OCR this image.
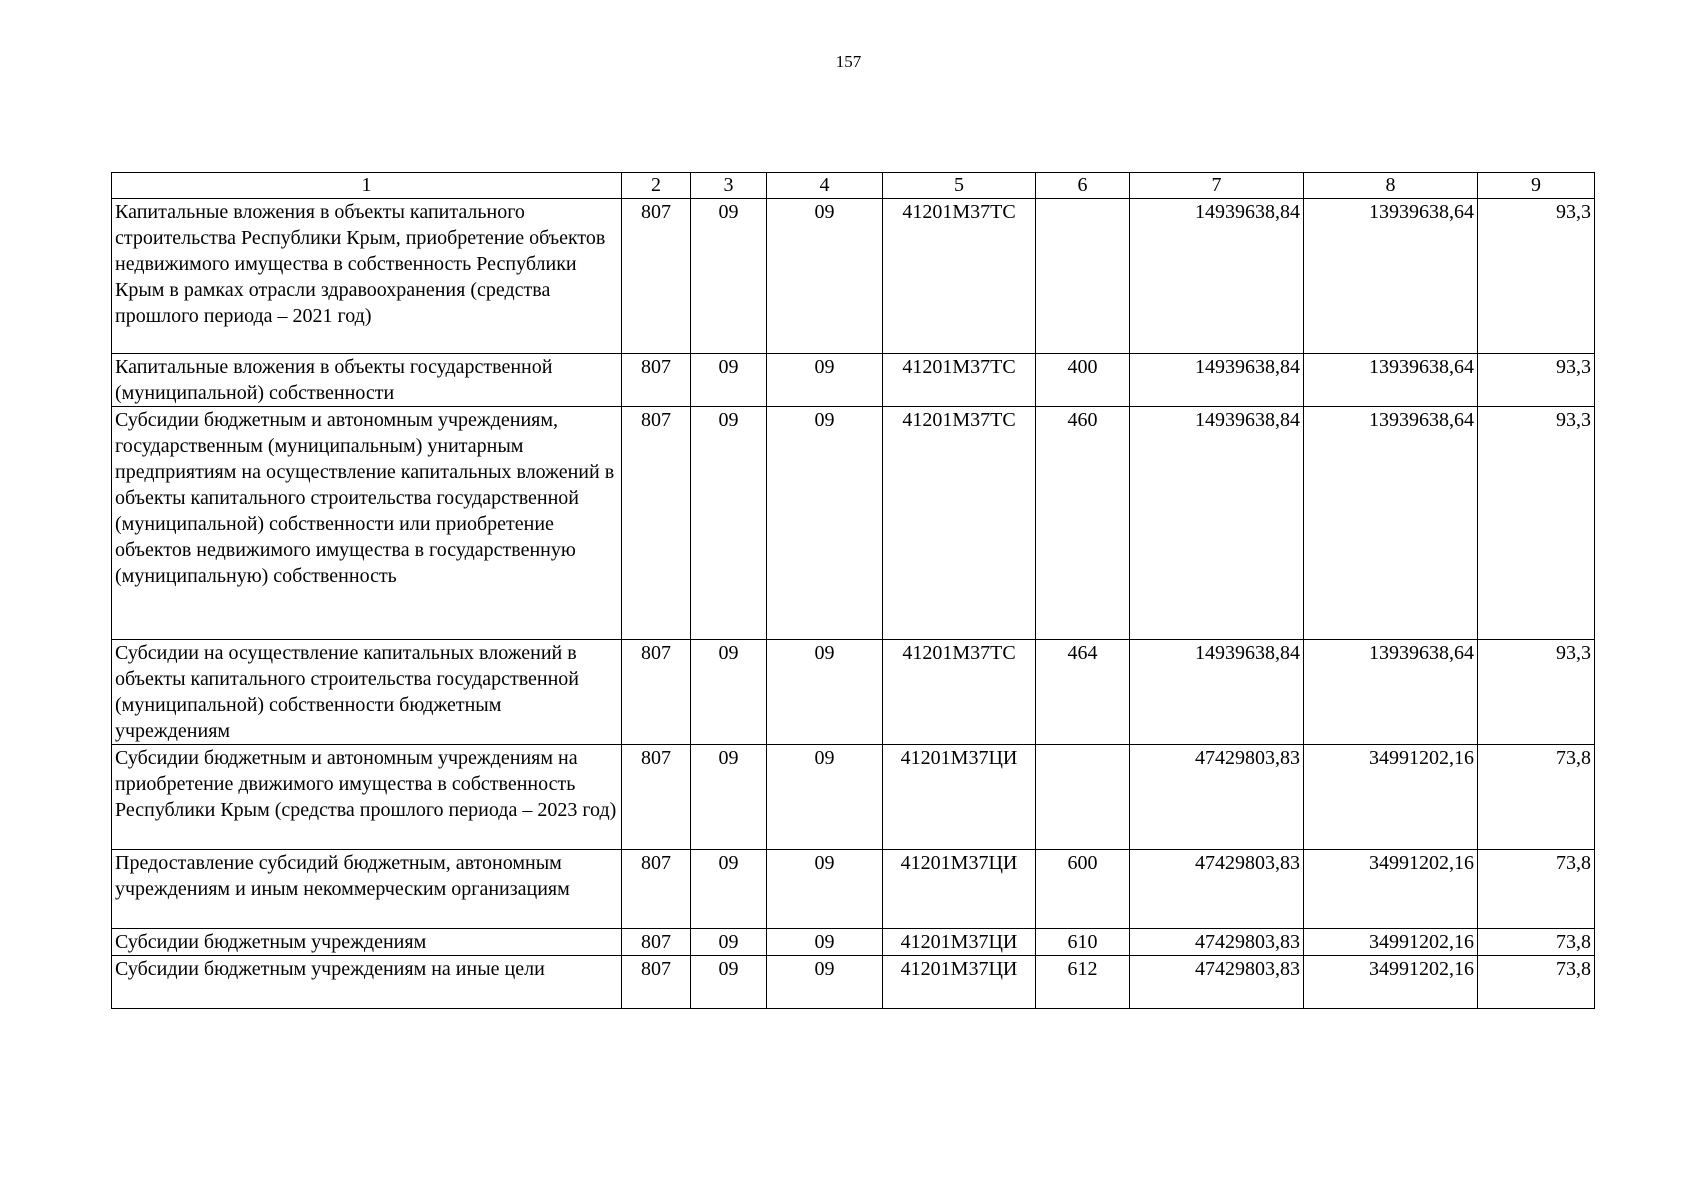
157
1	2	3	4	5	6	7	8	9
Капитальные вложения в объекты капитального строительства Республики Крым, приобретение объектов недвижимого имущества в собственность Республики Крым в рамках отрасли здравоохранения (средства прошлого периода – 2021 год)	807	09	09	41201М37ТС		14939638,84	13939638,64	93,3
Капитальные вложения в объекты государственной (муниципальной) собственности	807	09	09	41201М37ТС	400	14939638,84	13939638,64	93,3
Субсидии бюджетным и автономным учреждениям, государственным (муниципальным) унитарным предприятиям на осуществление капитальных вложений в объекты капитального строительства государственной (муниципальной) собственности или приобретение объектов недвижимого имущества в государственную (муниципальную) собственность	807	09	09	41201М37ТС	460	14939638,84	13939638,64	93,3
Субсидии на осуществление капитальных вложений в объекты капитального строительства государственной (муниципальной) собственности бюджетным учреждениям	807	09	09	41201М37ТС	464	14939638,84	13939638,64	93,3
Субсидии бюджетным и автономным учреждениям на приобретение движимого имущества в собственность Республики Крым (средства прошлого периода – 2023 год)	807	09	09	41201М37ЦИ		47429803,83	34991202,16	73,8
Предоставление субсидий бюджетным, автономным учреждениям и иным некоммерческим организациям	807	09	09	41201М37ЦИ	600	47429803,83	34991202,16	73,8
Субсидии бюджетным учреждениям	807	09	09	41201М37ЦИ	610	47429803,83	34991202,16	73,8
Субсидии бюджетным учреждениям на иные цели	807	09	09	41201М37ЦИ	612	47429803,83	34991202,16	73,8
